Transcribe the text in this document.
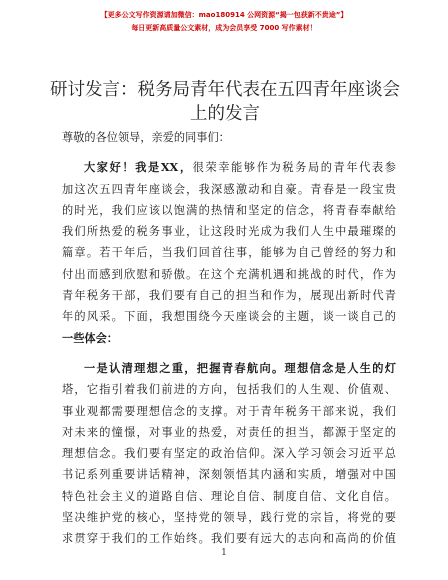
【更多公文写作资源请加微信：mao180914 公网资源“揭一包获新不贵途”】
每日更新高质量公文素材，成为会员享受 7000 写作素材！
研讨发言：税务局青年代表在五四青年座谈会
上的发言
尊敬的各位领导，亲爱的同事们：
大家好！我是XX，很荣幸能够作为税务局的青年代表参
加这次五四青年座谈会，我深感激动和自豪。青春是一段宝贵
的时光，我们应该以饱满的热情和坚定的信念，将青春奉献给
我们所热爱的税务事业，让这段时光成为我们人生中最璀璨的
篇章。若干年后，当我们回首往事，能够为自己曾经的努力和
付出而感到欣慰和骄傲。在这个充满机遇和挑战的时代，作为
青年税务干部，我们要有自己的担当和作为，展现出新时代青
年的风采。下面，我想围绕今天座谈会的主题，谈一谈自己的
一些体会：
一是认清理想之重，把握青春航向。理想信念是人生的灯
塔，它指引着我们前进的方向，包括我们的人生观、价值观、
事业观都需要理想信念的支撑。对于青年税务干部来说，我们
对未来的憧憬，对事业的热爱，对责任的担当，都源于坚定的
理想信念。我们要有坚定的政治信仰。深入学习领会习近平总
书记系列重要讲话精神，深刻领悟其内涵和实质，增强对中国
特色社会主义的道路自信、理论自信、制度自信、文化自信。
坚决维护党的核心，坚持党的领导，践行党的宗旨，将党的要
求贯穿于我们的工作始终。我们要有远大的志向和高尚的价值
1
